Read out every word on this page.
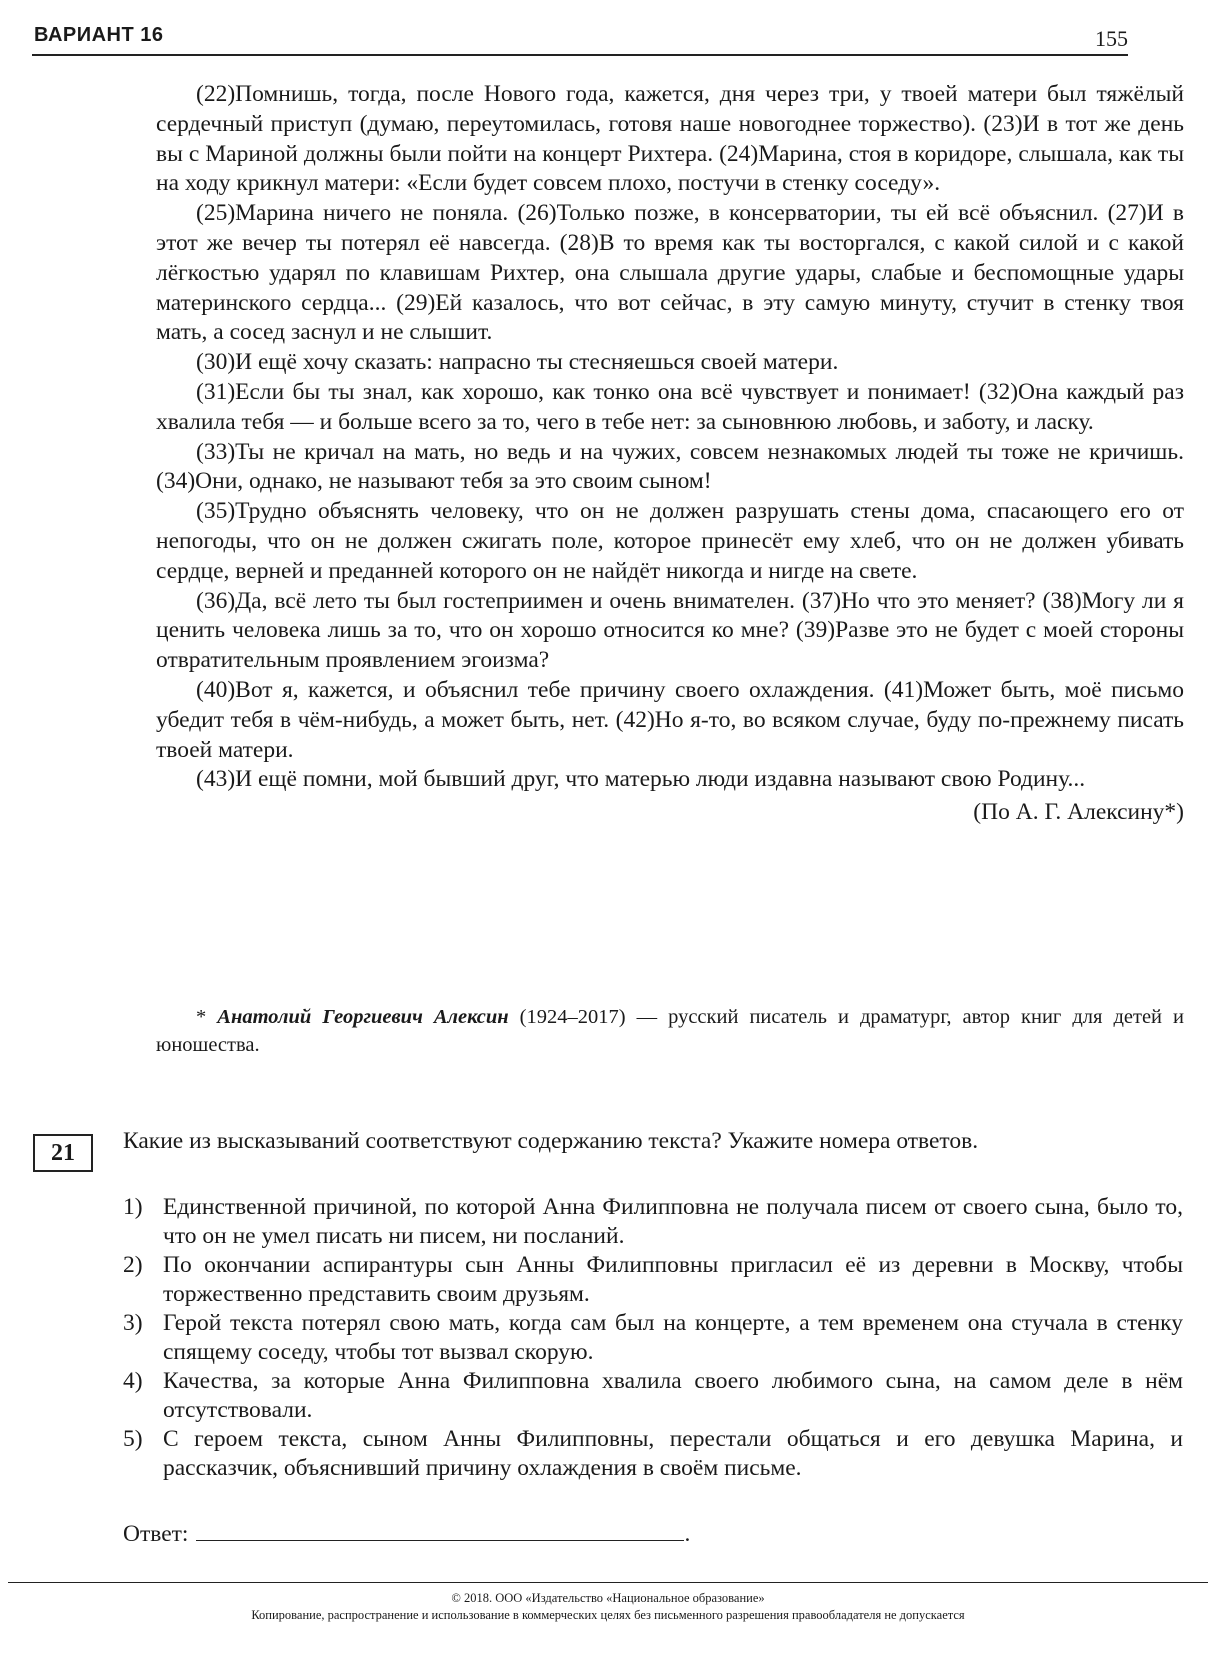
ВАРИАНТ 16	155

(22)Помнишь, тогда, после Нового года, кажется, дня через три, у твоей матери был тяжёлый сердечный приступ (думаю, переутомилась, готовя наше новогоднее торжество). (23)И в тот же день вы с Мариной должны были пойти на концерт Рихтера. (24)Марина, стоя в коридоре, слышала, как ты на ходу крикнул матери: «Если будет совсем плохо, постучи в стенку соседу».

(25)Марина ничего не поняла. (26)Только позже, в консерватории, ты ей всё объяснил. (27)И в этот же вечер ты потерял её навсегда. (28)В то время как ты восторгался, с какой силой и с какой лёгкостью ударял по клавишам Рихтер, она слышала другие удары, слабые и беспомощные удары материнского сердца... (29)Ей казалось, что вот сейчас, в эту самую минуту, стучит в стенку твоя мать, а сосед заснул и не слышит.

(30)И ещё хочу сказать: напрасно ты стесняешься своей матери.

(31)Если бы ты знал, как хорошо, как тонко она всё чувствует и понимает! (32)Она каждый раз хвалила тебя — и больше всего за то, чего в тебе нет: за сыновнюю любовь, и заботу, и ласку.

(33)Ты не кричал на мать, но ведь и на чужих, совсем незнакомых людей ты тоже не кричишь. (34)Они, однако, не называют тебя за это своим сыном!

(35)Трудно объяснять человеку, что он не должен разрушать стены дома, спасающего его от непогоды, что он не должен сжигать поле, которое принесёт ему хлеб, что он не должен убивать сердце, верней и преданней которого он не найдёт никогда и нигде на свете.

(36)Да, всё лето ты был гостеприимен и очень внимателен. (37)Но что это меняет? (38)Могу ли я ценить человека лишь за то, что он хорошо относится ко мне? (39)Разве это не будет с моей стороны отвратительным проявлением эгоизма?

(40)Вот я, кажется, и объяснил тебе причину своего охлаждения. (41)Может быть, моё письмо убедит тебя в чём-нибудь, а может быть, нет. (42)Но я-то, во всяком случае, буду по-прежнему писать твоей матери.

(43)И ещё помни, мой бывший друг, что матерью люди издавна называют свою Родину...

(По А. Г. Алексину*)
* Анатолий Георгиевич Алексин (1924–2017) — русский писатель и драматург, автор книг для детей и юношества.
21	Какие из высказываний соответствуют содержанию текста? Укажите номера ответов.
1) Единственной причиной, по которой Анна Филипповна не получала писем от своего сына, было то, что он не умел писать ни писем, ни посланий.
2) По окончании аспирантуры сын Анны Филипповны пригласил её из деревни в Москву, чтобы торжественно представить своим друзьям.
3) Герой текста потерял свою мать, когда сам был на концерте, а тем временем она стучала в стенку спящему соседу, чтобы тот вызвал скорую.
4) Качества, за которые Анна Филипповна хвалила своего любимого сына, на самом деле в нём отсутствовали.
5) С героем текста, сыном Анны Филипповны, перестали общаться и его девушка Марина, и рассказчик, объяснивший причину охлаждения в своём письме.
Ответ:	.
© 2018. ООО «Издательство «Национальное образование»
Копирование, распространение и использование в коммерческих целях без письменного разрешения правообладателя не допускается
